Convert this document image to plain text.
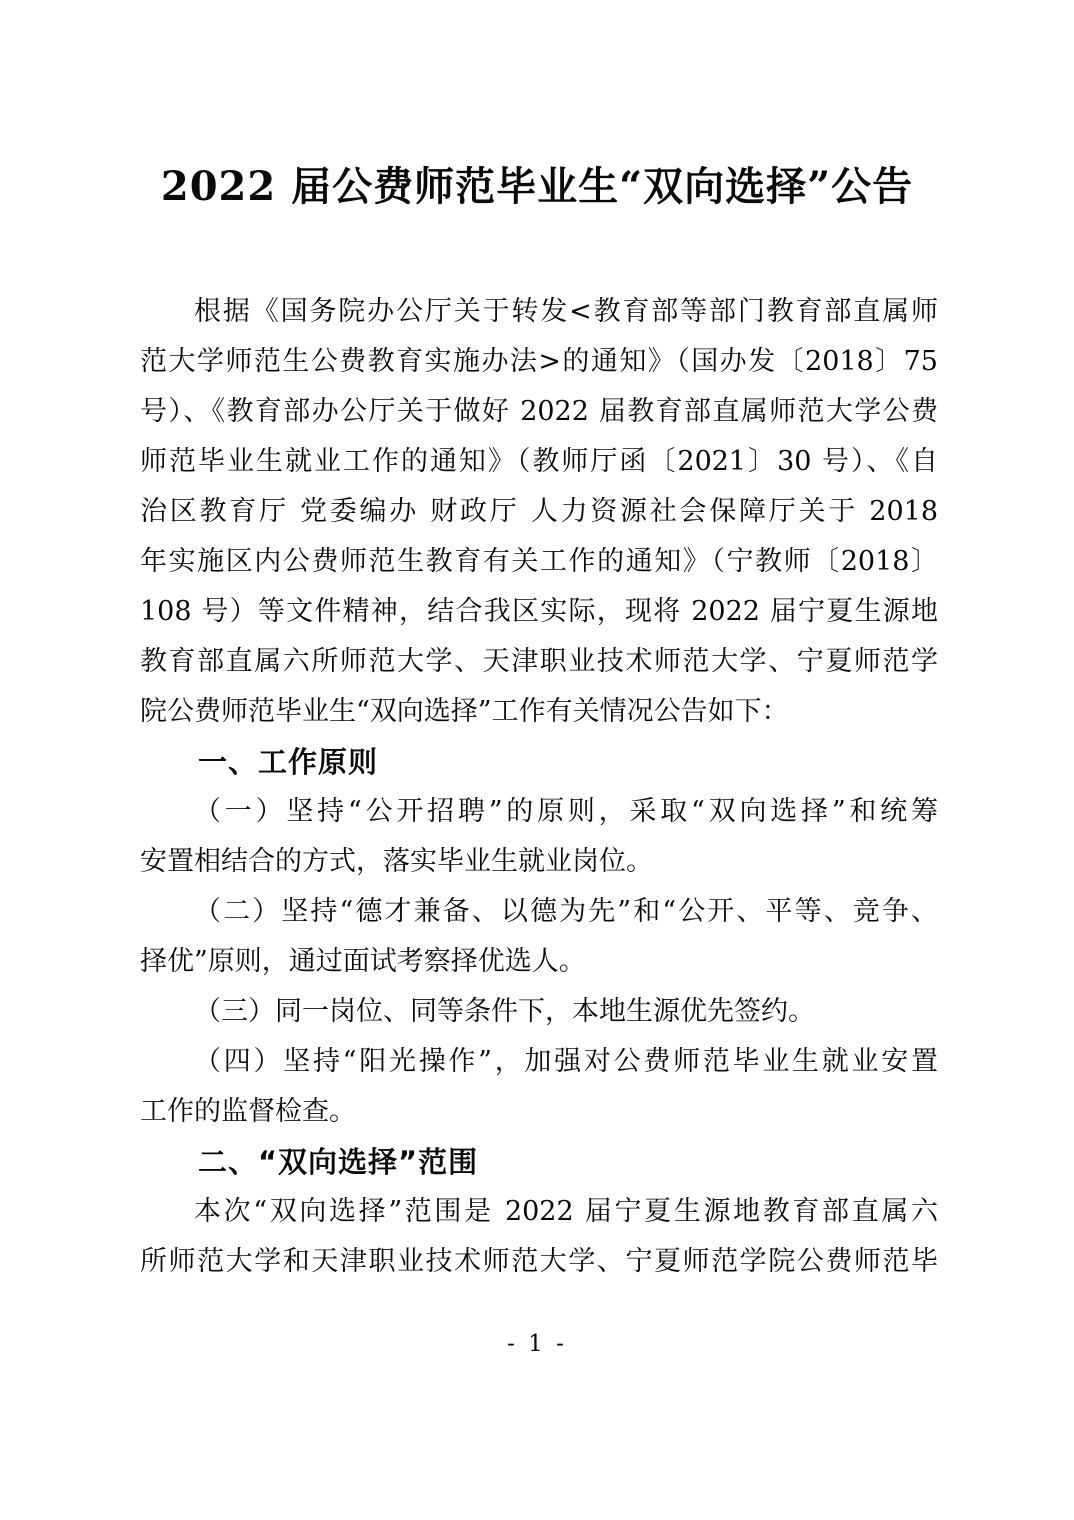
2022 届公费师范毕业生“双向选择”公告
根据《国务院办公厅关于转发<教育部等部门教育部直属师
范大学师范生公费教育实施办法>的通知》（国办发〔2018〕75
号）、《教育部办公厅关于做好 2022 届教育部直属师范大学公费
师范毕业生就业工作的通知》（教师厅函〔2021〕30 号）、《自
治区教育厅 党委编办 财政厅 人力资源社会保障厅关于 2018
年实施区内公费师范生教育有关工作的通知》（宁教师〔2018〕
108 号）等文件精神，结合我区实际，现将 2022 届宁夏生源地
教育部直属六所师范大学、天津职业技术师范大学、宁夏师范学
院公费师范毕业生“双向选择”工作有关情况公告如下：
一、工作原则
（一）坚持“公开招聘”的原则，采取“双向选择”和统筹
安置相结合的方式，落实毕业生就业岗位。
（二）坚持“德才兼备、以德为先”和“公开、平等、竞争、
择优”原则，通过面试考察择优选人。
（三）同一岗位、同等条件下，本地生源优先签约。
（四）坚持“阳光操作”，加强对公费师范毕业生就业安置
工作的监督检查。
二、“双向选择”范围
本次“双向选择”范围是 2022 届宁夏生源地教育部直属六
所师范大学和天津职业技术师范大学、宁夏师范学院公费师范毕
- 1 -
